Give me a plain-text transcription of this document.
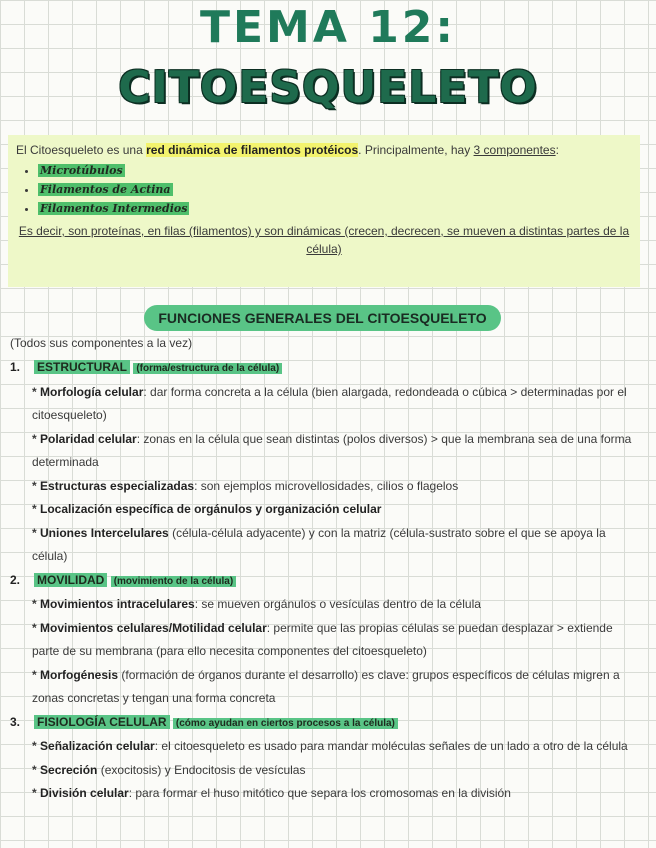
TEMA 12:
CITOESQUELETO

El Citoesqueleto es una red dinámica de filamentos protéicos. Principalmente, hay 3 componentes:

• Microtúbulos
• Filamentos de Actina
• Filamentos Intermedios

Es decir, son proteínas, en filas (filamentos) y son dinámicas (crecen, decrecen, se mueven a distintas partes de la célula)

FUNCIONES GENERALES DEL CITOESQUELETO
(Todos sus componentes a la vez)
1. ESTRUCTURAL (forma/estructura de la célula)
* Morfología celular: dar forma concreta a la célula (bien alargada, redondeada o cúbica > determinadas por el citoesqueleto)
* Polaridad celular: zonas en la célula que sean distintas (polos diversos) > que la membrana sea de una forma determinada
* Estructuras especializadas: son ejemplos microvellosidades, cilios o flagelos
* Localización específica de orgánulos y organización celular
* Uniones Intercelulares (célula-célula adyacente) y con la matriz (célula-sustrato sobre el que se apoya la célula)
2. MOVILIDAD (movimiento de la célula)
* Movimientos intracelulares: se mueven orgánulos o vesículas dentro de la célula
* Movimientos celulares/Motilidad celular: permite que las propias células se puedan desplazar > extiende parte de su membrana (para ello necesita componentes del citoesqueleto)
* Morfogénesis (formación de órganos durante el desarrollo) es clave: grupos específicos de células migren a zonas concretas y tengan una forma concreta
3. FISIOLOGÍA CELULAR (cómo ayudan en ciertos procesos a la célula)
* Señalización celular: el citoesqueleto es usado para mandar moléculas señales de un lado a otro de la célula
* Secreción (exocitosis) y Endocitosis de vesículas
* División celular: para formar el huso mitótico que separa los cromosomas en la división
